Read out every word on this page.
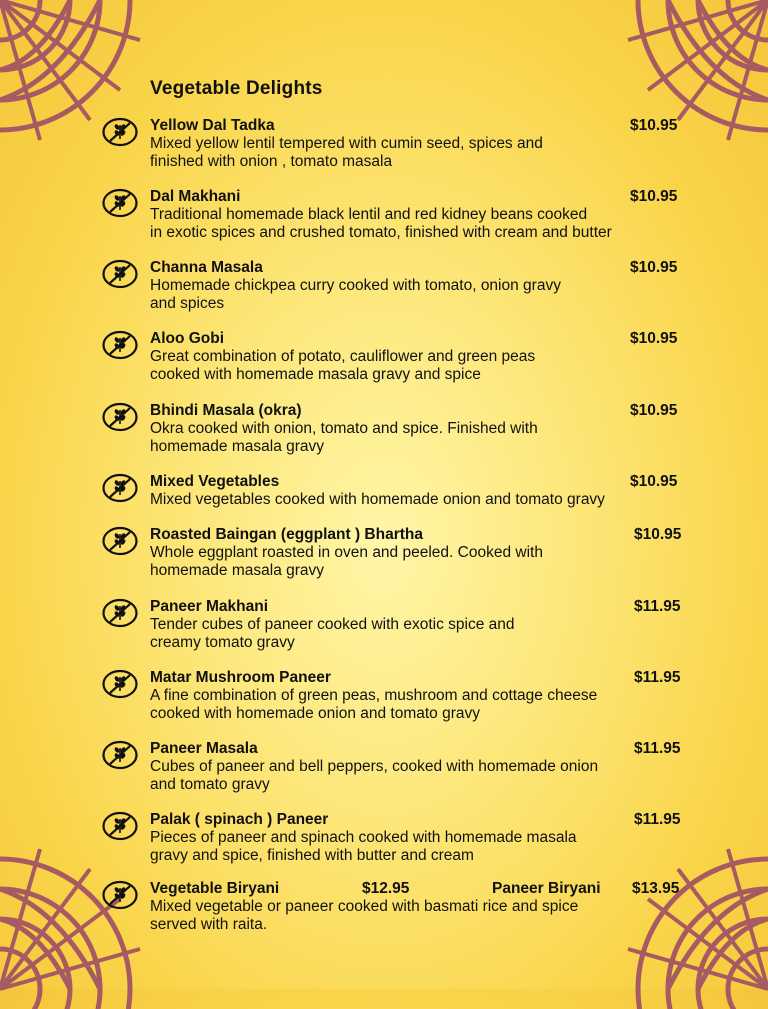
Vegetable Delights
Yellow Dal Tadka	$10.95
Mixed yellow lentil tempered with cumin seed, spices and
finished with onion , tomato masala
Dal Makhani	$10.95
Traditional homemade black lentil and red kidney beans cooked
in exotic spices and crushed tomato, finished with cream and butter
Channa Masala	$10.95
Homemade chickpea curry cooked with tomato, onion gravy
and spices
Aloo Gobi	$10.95
Great combination of potato, cauliflower and green peas
cooked with homemade masala gravy and spice
Bhindi Masala (okra)	$10.95
Okra cooked with onion, tomato and spice. Finished with
homemade masala gravy
Mixed Vegetables	$10.95
Mixed vegetables cooked with homemade onion and tomato gravy
Roasted Baingan (eggplant ) Bhartha	$10.95
Whole eggplant roasted in oven and peeled. Cooked with
homemade masala gravy
Paneer Makhani	$11.95
Tender cubes of paneer cooked with exotic spice and
creamy tomato gravy
Matar Mushroom Paneer	$11.95
A fine combination of green peas, mushroom and cottage cheese
cooked with homemade onion and tomato gravy
Paneer Masala	$11.95
Cubes of paneer and bell peppers, cooked with homemade onion
and tomato gravy
Palak ( spinach ) Paneer	$11.95
Pieces of paneer and spinach cooked with homemade masala
gravy and spice, finished with butter and cream
Vegetable Biryani	$12.95	Paneer Biryani $13.95
Mixed vegetable or paneer cooked with basmati rice and spice
served with raita.
